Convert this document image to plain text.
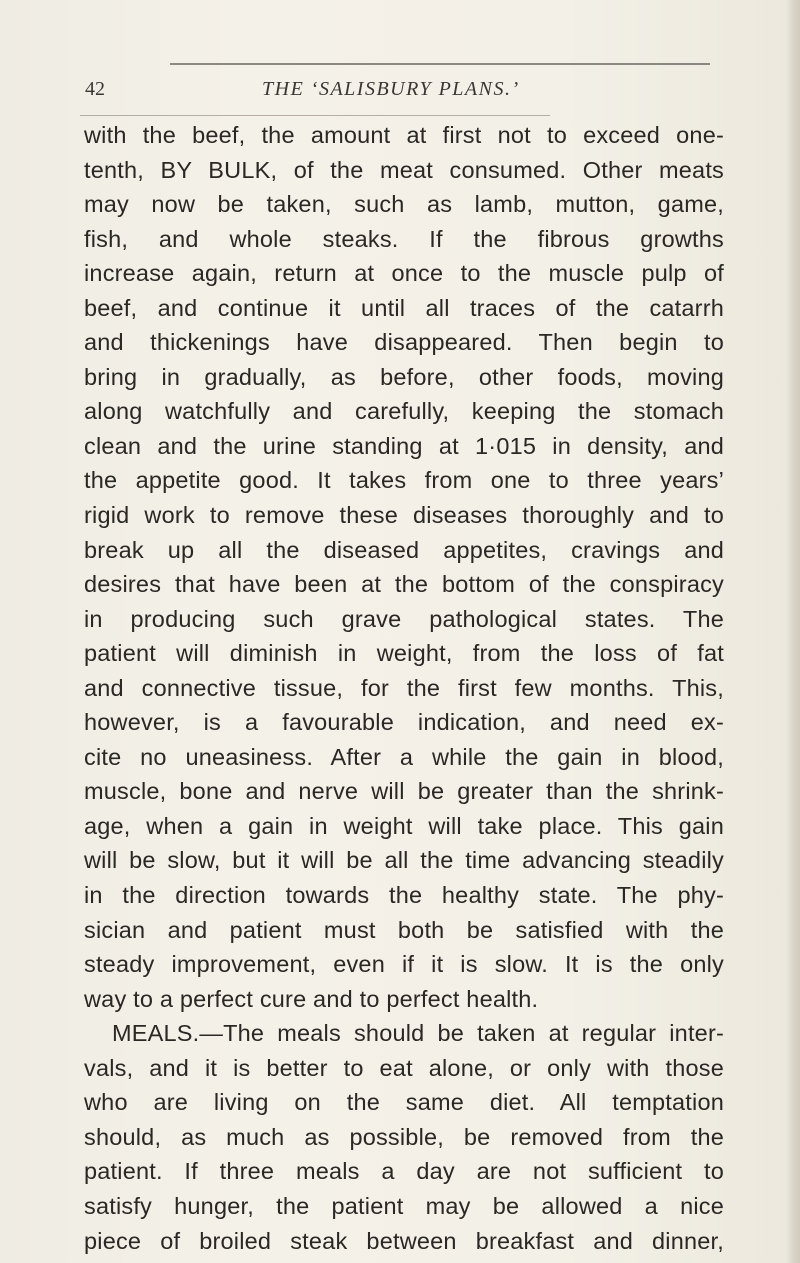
42	THE ‘SALISBURY PLANS.’
with the beef, the amount at first not to exceed one-
tenth, BY BULK, of the meat consumed. Other meats
may now be taken, such as lamb, mutton, game,
fish, and whole steaks. If the fibrous growths
increase again, return at once to the muscle pulp of
beef, and continue it until all traces of the catarrh
and thickenings have disappeared. Then begin to
bring in gradually, as before, other foods, moving
along watchfully and carefully, keeping the stomach
clean and the urine standing at 1·015 in density, and
the appetite good. It takes from one to three years’
rigid work to remove these diseases thoroughly and to
break up all the diseased appetites, cravings and
desires that have been at the bottom of the conspiracy
in producing such grave pathological states. The
patient will diminish in weight, from the loss of fat
and connective tissue, for the first few months. This,
however, is a favourable indication, and need ex-
cite no uneasiness. After a while the gain in blood,
muscle, bone and nerve will be greater than the shrink-
age, when a gain in weight will take place. This gain
will be slow, but it will be all the time advancing steadily
in the direction towards the healthy state. The phy-
sician and patient must both be satisfied with the
steady improvement, even if it is slow. It is the only
way to a perfect cure and to perfect health.
MEALS.—The meals should be taken at regular inter-
vals, and it is better to eat alone, or only with those
who are living on the same diet. All temptation
should, as much as possible, be removed from the
patient. If three meals a day are not sufficient to
satisfy hunger, the patient may be allowed a nice
piece of broiled steak between breakfast and dinner,
